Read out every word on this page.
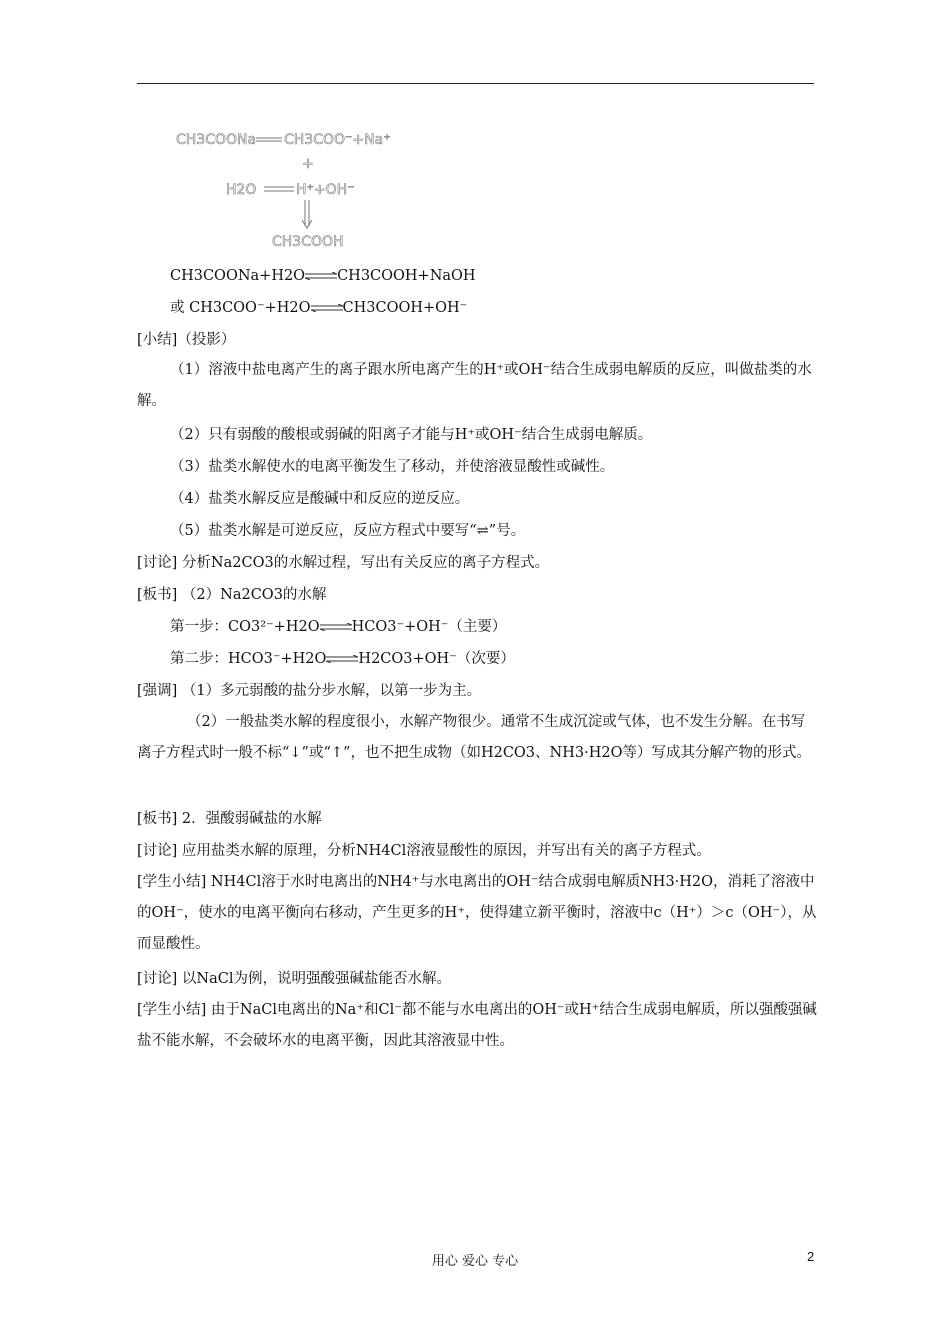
CH3COONa CH3COO⁻+Na⁺
+
H2O	H⁺+OH⁻
CH3COOH
CH3COONa+H2O⇌CH3COOH+NaOH
或 CH3COO⁻+H2O⇌CH3COOH+OH⁻
[小结]（投影）
（1）溶液中盐电离产生的离子跟水所电离产生的H⁺或OH⁻结合生成弱电解质的反应，叫做盐类的水解。
（2）只有弱酸的酸根或弱碱的阳离子才能与H⁺或OH⁻结合生成弱电解质。
（3）盐类水解使水的电离平衡发生了移动，并使溶液显酸性或碱性。
（4）盐类水解反应是酸碱中和反应的逆反应。
（5）盐类水解是可逆反应，反应方程式中要写“⇌”号。
[讨论] 分析Na2CO3的水解过程，写出有关反应的离子方程式。
[板书] （2）Na2CO3的水解
第一步：CO3²⁻+H2O⇌HCO3⁻+OH⁻（主要）
第二步：HCO3⁻+H2O⇌H2CO3+OH⁻（次要）
[强调] （1）多元弱酸的盐分步水解，以第一步为主。
（2）一般盐类水解的程度很小，水解产物很少。通常不生成沉淀或气体，也不发生分解。在书写离子方程式时一般不标“↓”或“↑”，也不把生成物（如H2CO3、NH3·H2O等）写成其分解产物的形式。
[板书] 2．强酸弱碱盐的水解
[讨论] 应用盐类水解的原理，分析NH4Cl溶液显酸性的原因，并写出有关的离子方程式。
[学生小结] NH4Cl溶于水时电离出的NH4⁺与水电离出的OH⁻结合成弱电解质NH3·H2O，消耗了溶液中的OH⁻，使水的电离平衡向右移动，产生更多的H⁺，使得建立新平衡时，溶液中c（H⁺）＞c（OH⁻），从而显酸性。
[讨论] 以NaCl为例，说明强酸强碱盐能否水解。
[学生小结] 由于NaCl电离出的Na⁺和Cl⁻都不能与水电离出的OH⁻或H⁺结合生成弱电解质，所以强酸强碱盐不能水解，不会破坏水的电离平衡，因此其溶液显中性。
用心 爱心 专心	2
